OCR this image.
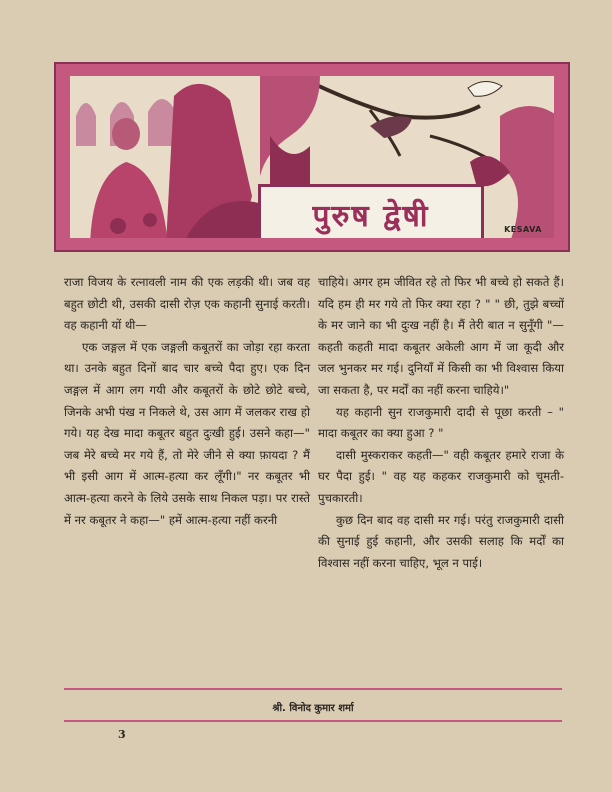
पुरुष द्वेषी	KESAVA

राजा विजय के रत्नावली नाम की एक लड़की थी। जब वह बहुत छोटी थी, उसकी दासी रोज़ एक कहानी सुनाई करती। वह कहानी यों थी—

एक जङ्गल में एक जङ्गली कबूतरों का जोड़ा रहा करता था। उनके बहुत दिनों बाद चार बच्चे पैदा हुए। एक दिन जङ्गल में आग लग गयी और कबूतरों के छोटे छोटे बच्चे, जिनके अभी पंख न निकले थे, उस आग में जलकर राख हो गये। यह देख मादा कबूतर बहुत दुःखी हुई। उसने कहा—" जब मेरे बच्चे मर गये हैं, तो मेरे जीने से क्या फ़ायदा ? मैं भी इसी आग में आत्म-हत्या कर लूँगी।" नर कबूतर भी आत्म-हत्या करने के लिये उसके साथ निकल पड़ा। पर रास्ते में नर कबूतर ने कहा—" हमें आत्म-हत्या नहीं करनी

चाहिये। अगर हम जीवित रहे तो फिर भी बच्चे हो सकते हैं। यदि हम ही मर गये तो फिर क्या रहा ? " " छी, तुझे बच्चों के मर जाने का भी दुःख नहीं है। मैं तेरी बात न सुनूँगी "—कहती कहती मादा कबूतर अकेली आग में जा कूदी और जल भुनकर मर गई। दुनियाँ में किसी का भी विश्वास किया जा सकता है, पर मर्दों का नहीं करना चाहिये।"

यह कहानी सुन राजकुमारी दादी से पूछा करती – " मादा कबूतर का क्या हुआ ? "

दासी मुस्कराकर कहती—" वही कबूतर हमारे राजा के घर पैदा हुई। " वह यह कहकर राजकुमारी को चूमती-पुचकारती।

कुछ दिन बाद वह दासी मर गई। परंतु राजकुमारी दासी की सुनाई हुई कहानी, और उसकी सलाह कि मर्दों का विश्वास नहीं करना चाहिए, भूल न पाई।

श्री. विनोद कुमार शर्मा
3
